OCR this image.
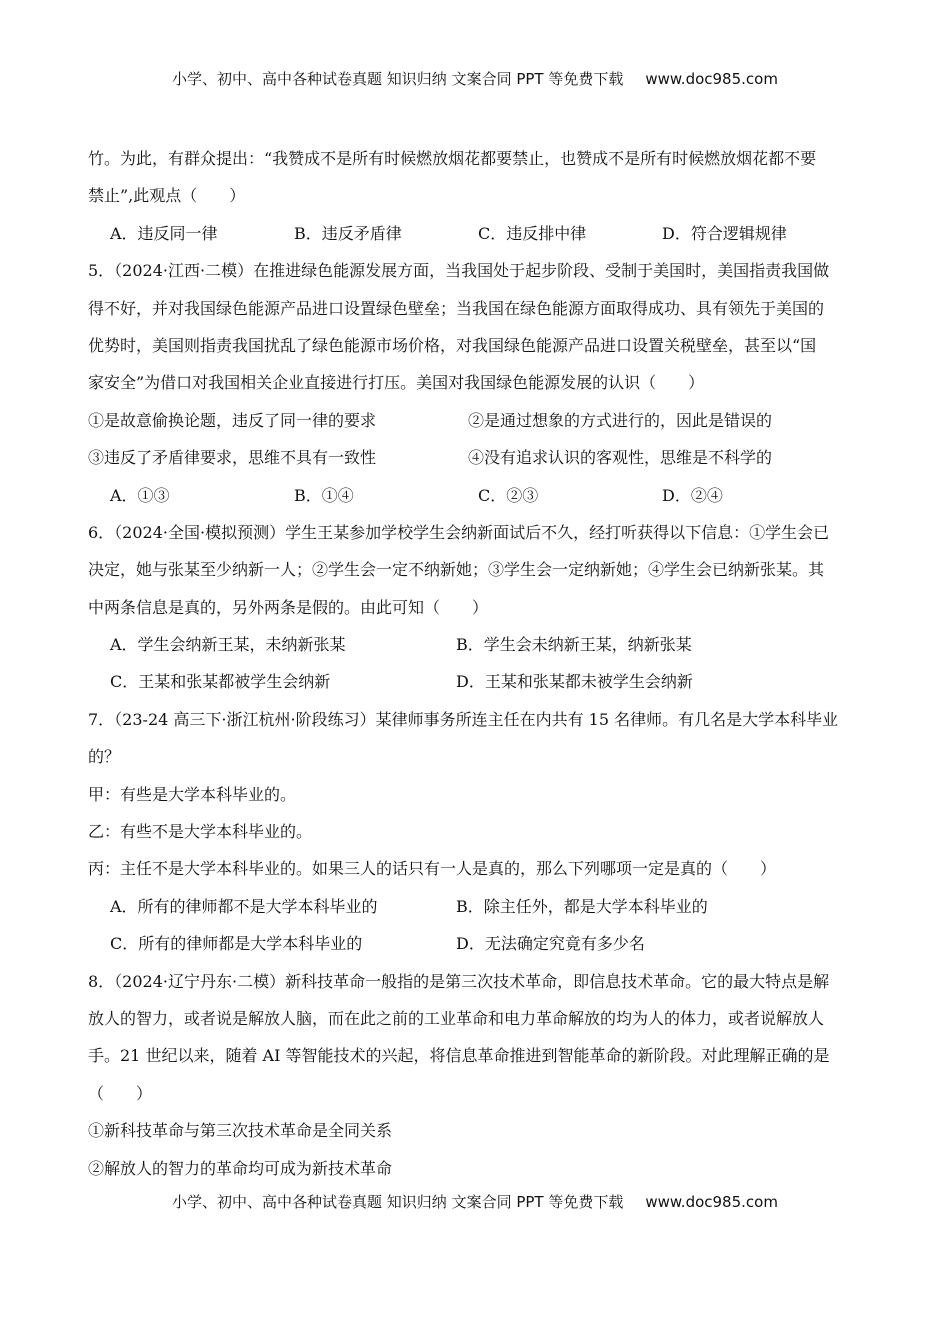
小学、初中、高中各种试卷真题 知识归纳 文案合同 PPT 等免费下载 www.doc985.com
竹。为此，有群众提出：“我赞成不是所有时候燃放烟花都要禁止，也赞成不是所有时候燃放烟花都不要
禁止”,此观点（　　）
A．违反同一律	B．违反矛盾律	C．违反排中律	D．符合逻辑规律
5．（2024·江西·二模）在推进绿色能源发展方面，当我国处于起步阶段、受制于美国时，美国指责我国做
得不好，并对我国绿色能源产品进口设置绿色壁垒；当我国在绿色能源方面取得成功、具有领先于美国的
优势时，美国则指责我国扰乱了绿色能源市场价格，对我国绿色能源产品进口设置关税壁垒，甚至以“国
家安全”为借口对我国相关企业直接进行打压。美国对我国绿色能源发展的认识（　　）
①是故意偷换论题，违反了同一律的要求	②是通过想象的方式进行的，因此是错误的
③违反了矛盾律要求，思维不具有一致性	④没有追求认识的客观性，思维是不科学的
A．①③	B．①④	C．②③	D．②④
6．（2024·全国·模拟预测）学生王某参加学校学生会纳新面试后不久，经打听获得以下信息：①学生会已
决定，她与张某至少纳新一人；②学生会一定不纳新她；③学生会一定纳新她；④学生会已纳新张某。其
中两条信息是真的，另外两条是假的。由此可知（　　）
A．学生会纳新王某，未纳新张某	B．学生会未纳新王某，纳新张某
C．王某和张某都被学生会纳新	D．王某和张某都未被学生会纳新
7．（23-24 高三下·浙江杭州·阶段练习）某律师事务所连主任在内共有 15 名律师。有几名是大学本科毕业
的？
甲：有些是大学本科毕业的。
乙：有些不是大学本科毕业的。
丙：主任不是大学本科毕业的。如果三人的话只有一人是真的，那么下列哪项一定是真的（　　）
A．所有的律师都不是大学本科毕业的	B．除主任外，都是大学本科毕业的
C．所有的律师都是大学本科毕业的	D．无法确定究竟有多少名
8．（2024·辽宁丹东·二模）新科技革命一般指的是第三次技术革命，即信息技术革命。它的最大特点是解
放人的智力，或者说是解放人脑，而在此之前的工业革命和电力革命解放的均为人的体力，或者说解放人
手。21 世纪以来，随着 AI 等智能技术的兴起，将信息革命推进到智能革命的新阶段。对此理解正确的是
（　　）
①新科技革命与第三次技术革命是全同关系
②解放人的智力的革命均可成为新技术革命
小学、初中、高中各种试卷真题 知识归纳 文案合同 PPT 等免费下载 www.doc985.com
